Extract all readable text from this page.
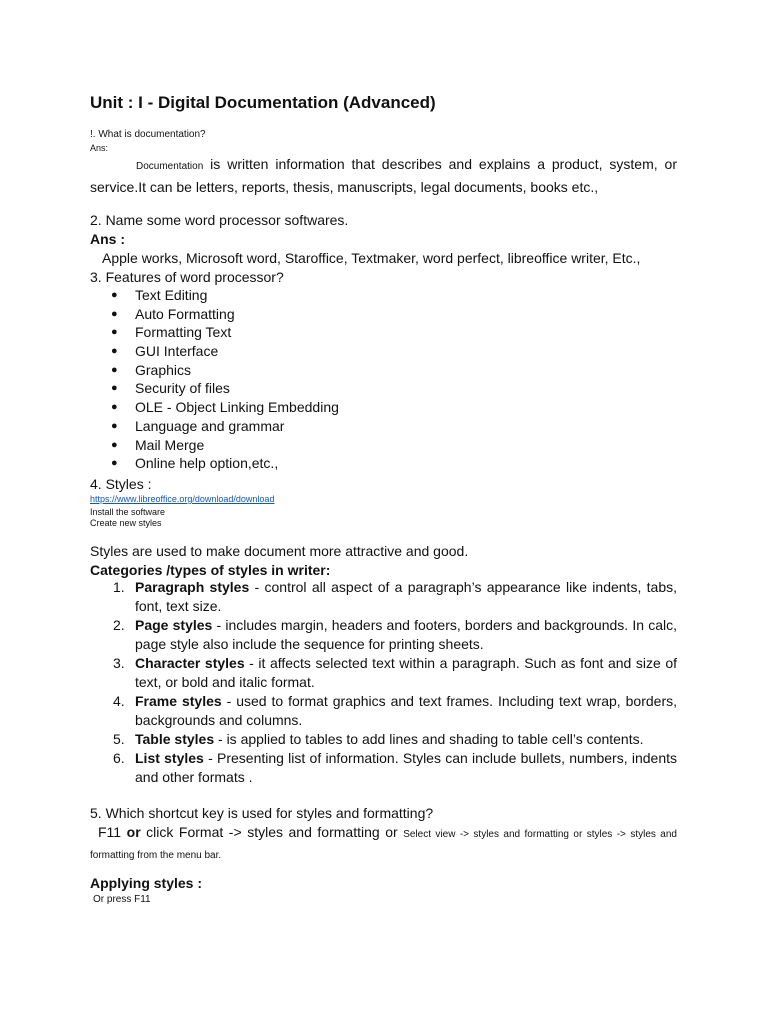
Unit : I - Digital Documentation (Advanced)
!. What is documentation?
Ans:
Documentation is written information that describes and explains a product, system, or service.It can be letters, reports, thesis, manuscripts, legal documents, books etc.,
2. Name some word processor softwares.
Ans :
Apple works, Microsoft word, Staroffice, Textmaker, word perfect, libreoffice writer, Etc.,
3. Features of word processor?
● Text Editing
● Auto Formatting
● Formatting Text
● GUI Interface
● Graphics
● Security of files
● OLE - Object Linking Embedding
● Language and grammar
● Mail Merge
● Online help option,etc.,
4. Styles :
https://www.libreoffice.org/download/download
Install the software
Create new styles
Styles are used to make document more attractive and good.
Categories /types of styles in writer:
1. Paragraph styles - control all aspect of a paragraph’s appearance like indents, tabs, font, text size.
2. Page styles - includes margin, headers and footers, borders and backgrounds. In calc, page style also include the sequence for printing sheets.
3. Character styles - it affects selected text within a paragraph. Such as font and size of text, or bold and italic format.
4. Frame styles - used to format graphics and text frames. Including text wrap, borders, backgrounds and columns.
5. Table styles - is applied to tables to add lines and shading to table cell’s contents.
6. List styles - Presenting list of information. Styles can include bullets, numbers, indents and other formats .
5. Which shortcut key is used for styles and formatting?
F11 or click Format -> styles and formatting or Select view -> styles and formatting or styles -> styles and formatting from the menu bar.
Applying styles :
Or press F11
